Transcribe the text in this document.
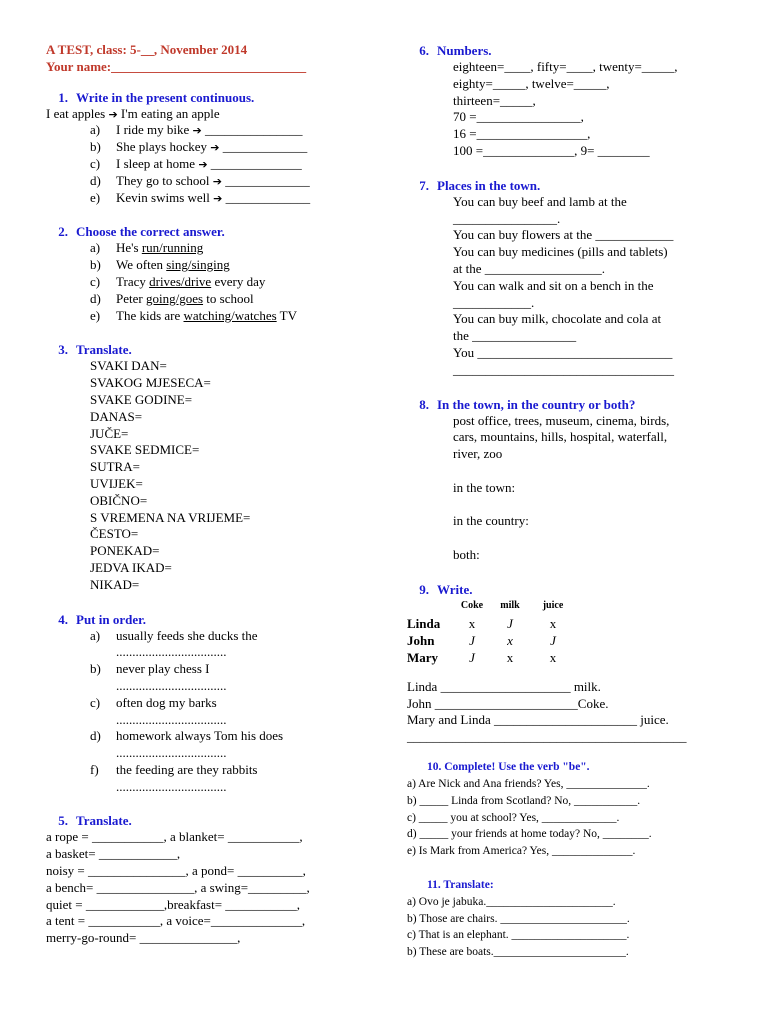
A TEST, class: 5-__, November 2014
Your name:______________________________
1. Write in the present continuous.
I eat apples ➔ I'm eating an apple
a) I ride my bike ➔ _______________
b) She plays hockey ➔ _____________
c) I sleep at home ➔ ______________
d) They go to school ➔ _____________
e) Kevin swims well ➔ _____________
2. Choose the correct answer.
a) He's run/running
b) We often sing/singing
c) Tracy drives/drive every day
d) Peter going/goes to school
e) The kids are watching/watches TV
3. Translate.
SVAKI DAN=
SVAKOG MJESECA=
SVAKE GODINE=
DANAS=
JUČE=
SVAKE SEDMICE=
SUTRA=
UVIJEK=
OBIČNO=
S VREMENA NA VRIJEME=
ČESTO=
PONEKAD=
JEDVA IKAD=
NIKAD=
4. Put in order.
a) usually feeds she ducks the
..................................
b) never play chess I
..................................
c) often dog my barks
..................................
d) homework always Tom his does
..................................
f) the feeding are they rabbits
..................................
5. Translate.
a rope = ___________, a blanket= ___________,
a basket= ____________,
noisy = _______________, a pond= __________,
a bench= _______________, a swing=_________,
quiet = ____________,breakfast= ___________,
a tent = ___________, a voice=______________,
merry-go-round= _______________,
6. Numbers.
eighteen=____, fifty=____, twenty=_____,
eighty=_____, twelve=_____,
thirteen=_____,
70 =________________,
16 =_________________,
100 =______________, 9= ________
7. Places in the town.
You can buy beef and lamb at the
________________.
You can buy flowers at the ____________
You can buy medicines (pills and tablets)
at the __________________.
You can walk and sit on a bench in the
____________.
You can buy milk, chocolate and cola at
the ________________
You ______________________________
__________________________________
8. In the town, in the country or both?
post office, trees, museum, cinema, birds,
cars, mountains, hills, hospital, waterfall,
river, zoo
in the town:
in the country:
both:
9. Write.
	Coke	milk	juice
Linda	x	J	x
John	J	x	J
Mary	J	x	x
Linda ____________________ milk.
John ______________________Coke.
Mary and Linda ______________________ juice.
___________________________________________
10. Complete! Use the verb "be".
a) Are Nick and Ana friends? Yes, ______________.
b) _____ Linda from Scotland? No, ___________.
c) _____ you at school? Yes, _____________.
d) _____ your friends at home today? No, ________.
e) Is Mark from America? Yes, ______________.
11. Translate:
a) Ovo je jabuka.______________________.
b) Those are chairs. ______________________.
c) That is an elephant. ____________________.
b) These are boats._______________________.
